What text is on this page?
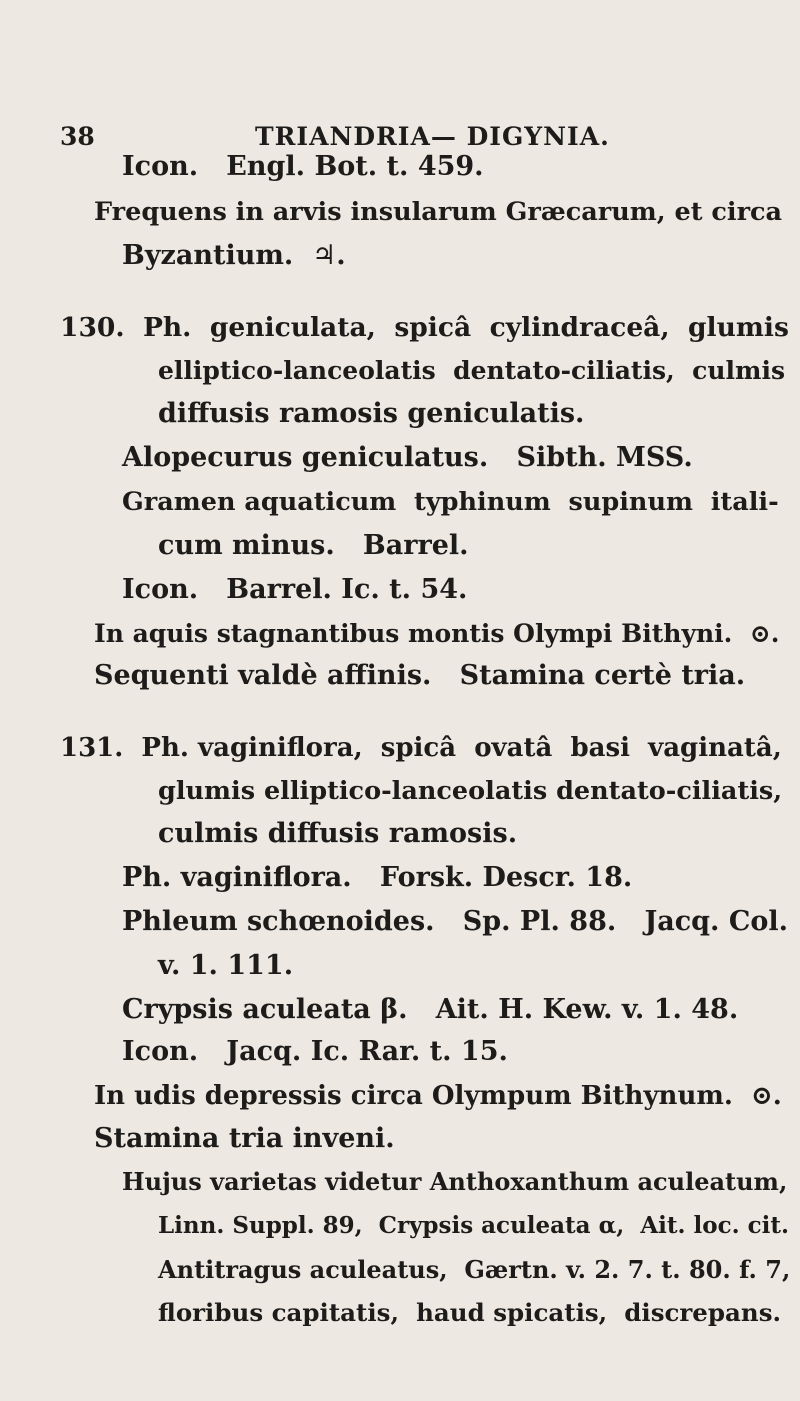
38	TRIANDRIA— DIGYNIA.
Icon.   Engl. Bot. t. 459.
Frequens in arvis insularum Græcarum, et circa
Byzantium.  ♃.
130.  Ph.  geniculata,  spicâ  cylindraceâ,  glumis
elliptico-lanceolatis  dentato-ciliatis,  culmis
diffusis ramosis geniculatis.
Alopecurus geniculatus.   Sibth. MSS.
Gramen aquaticum  typhinum  supinum  itali-
cum minus.   Barrel.
Icon.   Barrel. Ic. t. 54.
In aquis stagnantibus montis Olympi Bithyni.  ⊙.
Sequenti valdè affinis.   Stamina certè tria.
131.  Ph. vaginiflora,  spicâ  ovatâ  basi  vaginatâ,
glumis elliptico-lanceolatis dentato-ciliatis,
culmis diffusis ramosis.
Ph. vaginiflora.   Forsk. Descr. 18.
Phleum schœnoides.   Sp. Pl. 88.   Jacq. Col.
v. 1. 111.
Crypsis aculeata β.   Ait. H. Kew. v. 1. 48.
Icon.   Jacq. Ic. Rar. t. 15.
In udis depressis circa Olympum Bithynum.  ⊙.
Stamina tria inveni.
Hujus varietas videtur Anthoxanthum aculeatum,
Linn. Suppl. 89,  Crypsis aculeata α,  Ait. loc. cit.
Antitragus aculeatus,  Gærtn. v. 2. 7. t. 80. f. 7,
floribus capitatis,  haud spicatis,  discrepans.
